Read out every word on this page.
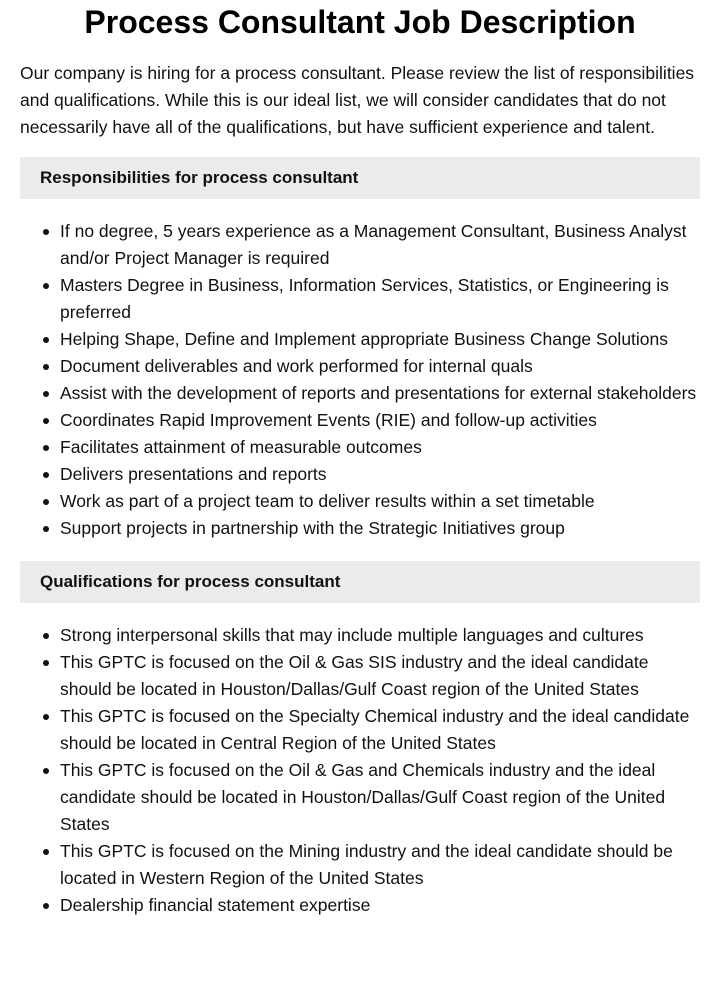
Process Consultant Job Description

Our company is hiring for a process consultant. Please review the list of responsibilities and qualifications. While this is our ideal list, we will consider candidates that do not necessarily have all of the qualifications, but have sufficient experience and talent.

Responsibilities for process consultant
If no degree, 5 years experience as a Management Consultant, Business Analyst and/or Project Manager is required
Masters Degree in Business, Information Services, Statistics, or Engineering is preferred
Helping Shape, Define and Implement appropriate Business Change Solutions
Document deliverables and work performed for internal quals
Assist with the development of reports and presentations for external stakeholders
Coordinates Rapid Improvement Events (RIE) and follow-up activities
Facilitates attainment of measurable outcomes
Delivers presentations and reports
Work as part of a project team to deliver results within a set timetable
Support projects in partnership with the Strategic Initiatives group
Qualifications for process consultant
Strong interpersonal skills that may include multiple languages and cultures
This GPTC is focused on the Oil & Gas SIS industry and the ideal candidate should be located in Houston/Dallas/Gulf Coast region of the United States
This GPTC is focused on the Specialty Chemical industry and the ideal candidate should be located in Central Region of the United States
This GPTC is focused on the Oil & Gas and Chemicals industry and the ideal candidate should be located in Houston/Dallas/Gulf Coast region of the United States
This GPTC is focused on the Mining industry and the ideal candidate should be located in Western Region of the United States
Dealership financial statement expertise
